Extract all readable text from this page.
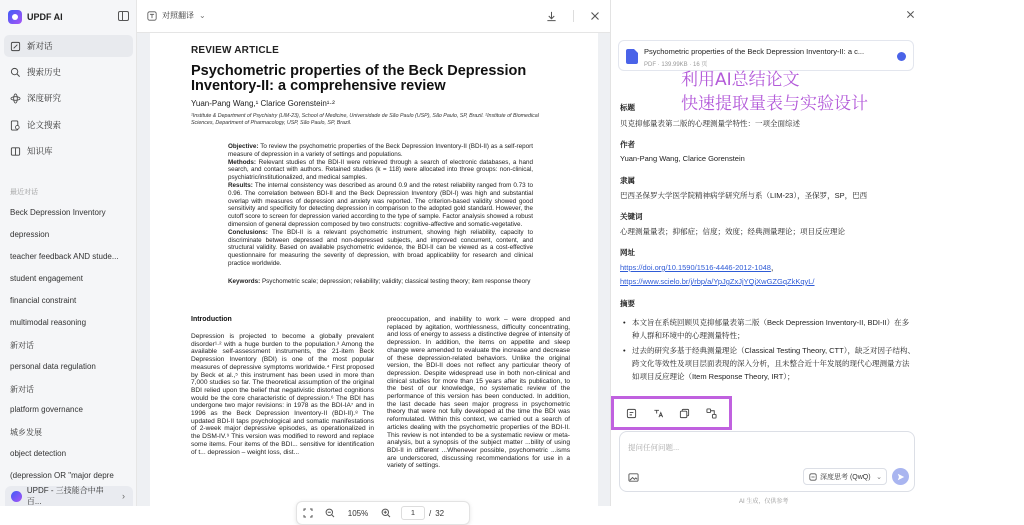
UPDF AI
新对话
搜索历史
深度研究
论文搜索
知识库
最近对话
Beck Depression Inventory
depression
teacher feedback AND stude...
student engagement
financial constraint
multimodal reasoning
新对话
personal data regulation
新对话
platform governance
城乡发展
object detection
(depression OR "major depre
UPDF - 三技能合中串百...
›
对照翻译 ⌄
REVIEW ARTICLE
Psychometric properties of the Beck Depression Inventory-II: a comprehensive review
Yuan-Pang Wang,¹ Clarice Gorenstein¹·²
¹Institute & Department of Psychiatry (LIM-23), School of Medicine, Universidade de São Paulo (USP), São Paulo, SP, Brazil. ²Institute of Biomedical Sciences, Department of Pharmacology, USP, São Paulo, SP, Brazil.
Objective: To review the psychometric properties of the Beck Depression Inventory-II (BDI-II) as a self-report measure of depression in a variety of settings and populations.
Methods: Relevant studies of the BDI-II were retrieved through a search of electronic databases, a hand search, and contact with authors. Retained studies (k = 118) were allocated into three groups: non-clinical, psychiatric/institutionalized, and medical samples.
Results: The internal consistency was described as around 0.9 and the retest reliability ranged from 0.73 to 0.96. The correlation between BDI-II and the Beck Depression Inventory (BDI-I) was high and substantial overlap with measures of depression and anxiety was reported. The criterion-based validity showed good sensitivity and specificity for detecting depression in comparison to the adopted gold standard. However, the cutoff score to screen for depression varied according to the type of sample. Factor analysis showed a robust dimension of general depression composed by two constructs: cognitive-affective and somatic-vegetative.
Conclusions: The BDI-II is a relevant psychometric instrument, showing high reliability, capacity to discriminate between depressed and non-depressed subjects, and improved concurrent, content, and structural validity. Based on available psychometric evidence, the BDI-II can be viewed as a cost-effective questionnaire for measuring the severity of depression, with broad applicability for research and clinical practice worldwide.
Keywords: Psychometric scale; depression; reliability; validity; classical testing theory; item response theory
Introduction
Depression is projected to become a globally prevalent disorder¹·² with a huge burden to the population.³ Among the available self-assessment instruments, the 21-item Beck Depression Inventory (BDI) is one of the most popular measures of depressive symptoms worldwide.⁴ First proposed by Beck et al.,⁵ this instrument has been used in more than 7,000 studies so far. The theoretical assumption of the original BDI relied upon the belief that negativistic distorted cognitions would be the core characteristic of depression.⁶ The BDI has undergone two major revisions: in 1978 as the BDI-IA⁷ and in 1996 as the Beck Depression Inventory-II (BDI-II).⁸ The updated BDI-II taps psychological and somatic manifestations of 2-week major depressive episodes, as operationalized in the DSM-IV.⁹ This version was modified to reword and replace some items. Four items of the BDI... sensitive for identification of t... depression – weight loss, dist...
preoccupation, and inability to work – were dropped and replaced by agitation, worthlessness, difficulty concentrating, and loss of energy to assess a distinctive degree of intensity of depression. In addition, the items on appetite and sleep change were amended to evaluate the increase and decrease of these depression-related behaviors. Unlike the original version, the BDI-II does not reflect any particular theory of depression. Despite widespread use in both non-clinical and clinical studies for more than 15 years after its publication, to the best of our knowledge, no systematic review of the performance of this version has been conducted. In addition, the last decade has seen major progress in psychometric theory that were not fully developed at the time the BDI was reformulated. Within this context, we carried out a search of articles dealing with the psychometric properties of the BDI-II. This review is not intended to be a systematic review or meta-analysis, but a synopsis of the subject matter ...bility of using BDI-II in different ...Whenever possible, psychometric ...isms are underscored, discussing recommendations for use in a variety of settings.
105%	1	/ 32
Psychometric properties of the Beck Depression Inventory-II: a c...
PDF · 139.99KB · 16 页
利用AI总结论文
快速提取量表与实验设计
标题
贝克抑郁量表第二版的心理测量学特性：一项全面综述
作者
Yuan-Pang Wang, Clarice Gorenstein
隶属
巴西圣保罗大学医学院精神病学研究所与系（LIM-23），圣保罗，SP，巴西
关键词
心理测量量表；抑郁症；信度；效度；经典测量理论；项目反应理论
网址
https://doi.org/10.1590/1516-4446-2012-1048，
https://www.scielo.br/j/rbp/a/YpJgZxJjYQjXwGZGqZkKqyL/
摘要
• 本文旨在系统回顾贝克抑郁量表第二版（Beck Depression Inventory-II, BDI-II）在多种人群和环境中的心理测量特性；
• 过去的研究多基于经典测量理论（Classical Testing Theory, CTT），缺乏对因子结构、跨文化等效性及项目层面表现的深入分析，且未整合近十年发展的现代心理测量方法如项目反应理论（Item Response Theory, IRT）；
提问任何问题...
深度思考 (QwQ) ⌄
AI 生成，仅供参考
